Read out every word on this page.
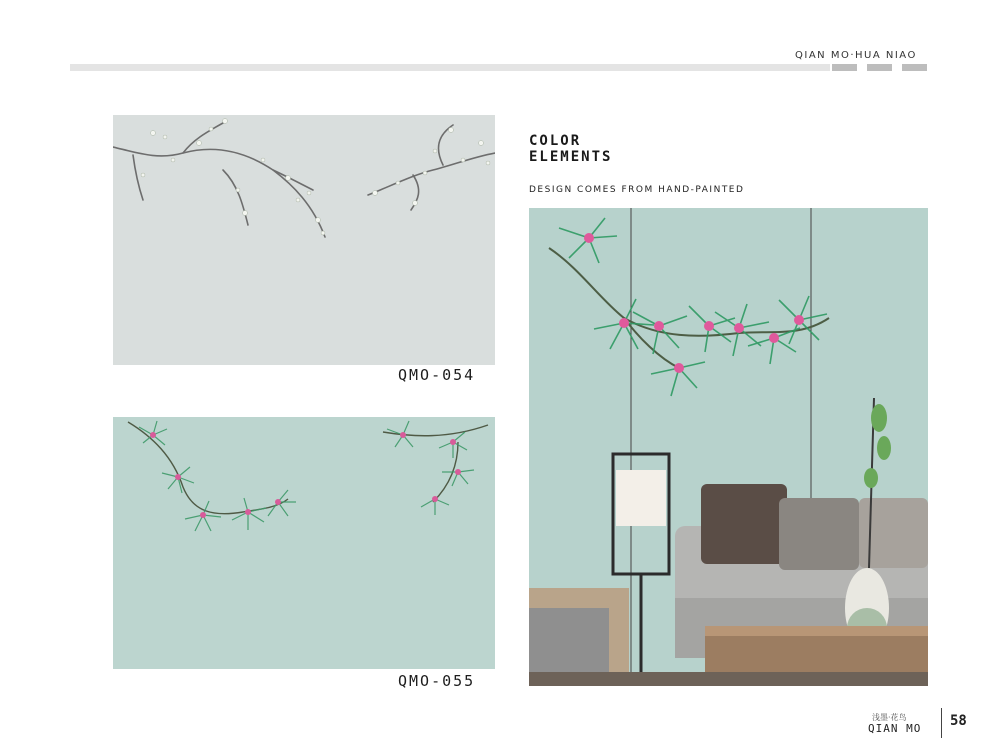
QIAN MO·HUA NIAO
QMO-054
QMO-055
COLOR
ELEMENTS
DESIGN COMES FROM HAND-PAINTED
浅墨·花鸟
QIAN MO 58
